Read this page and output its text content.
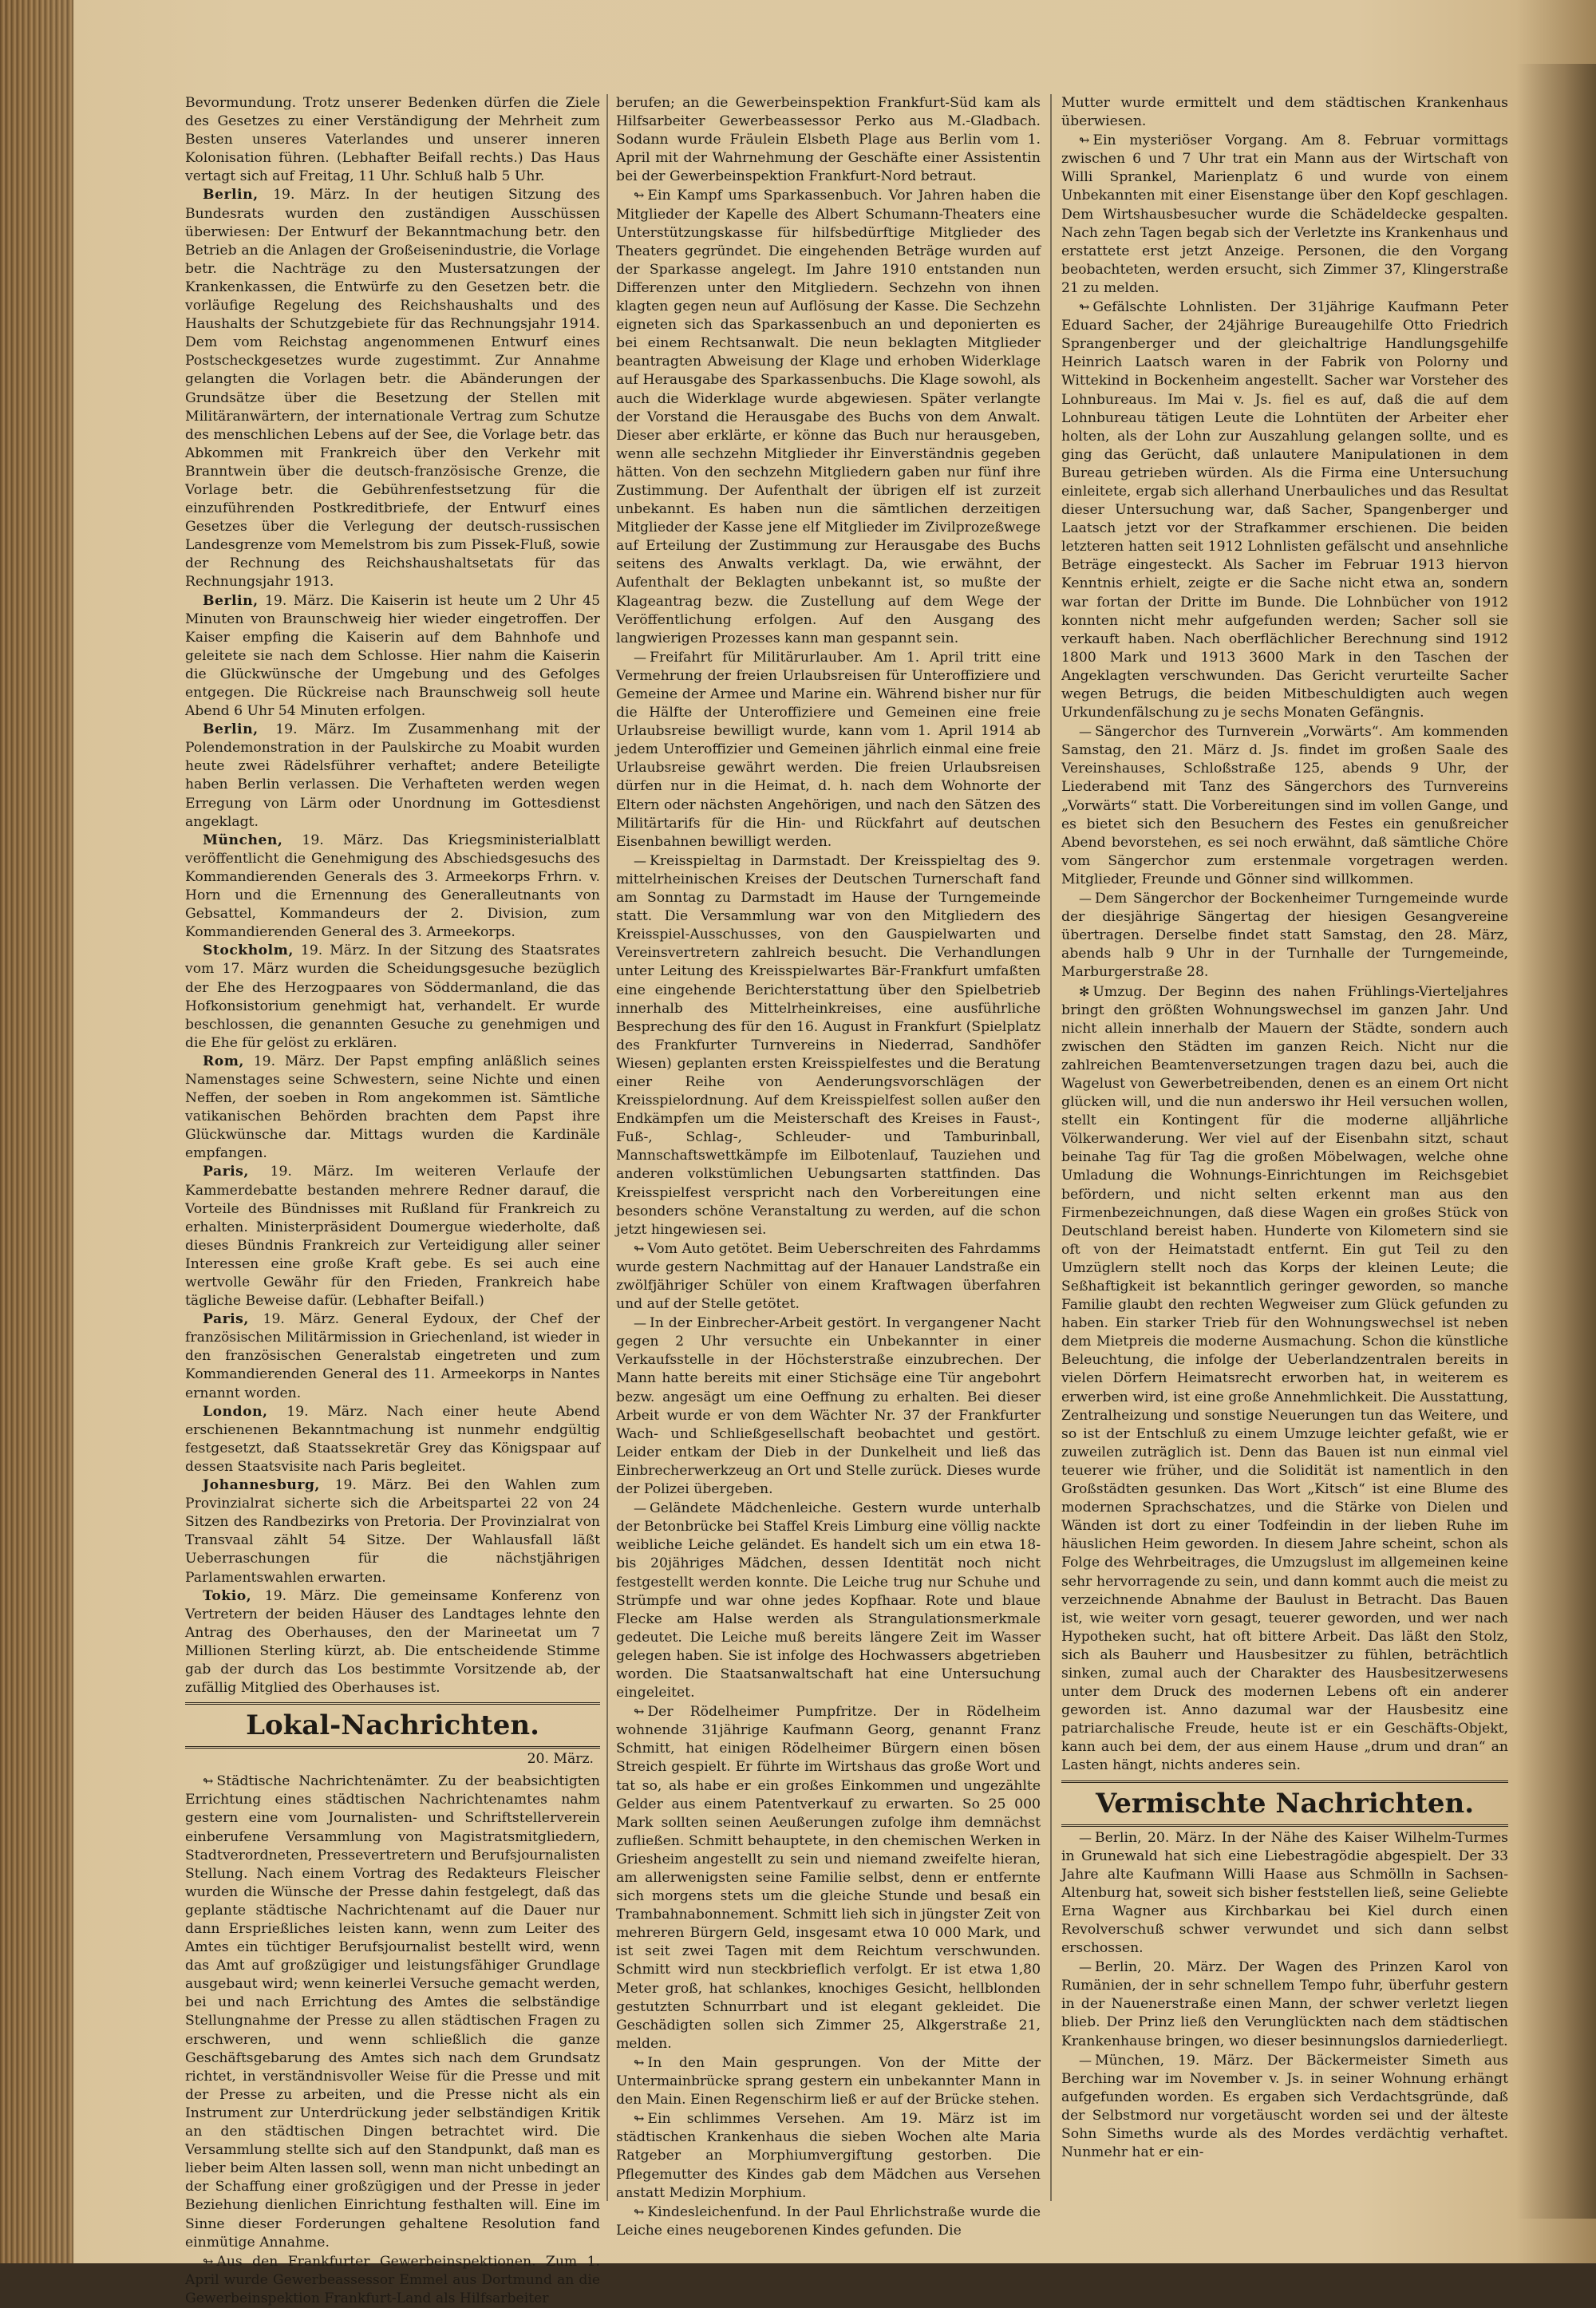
Bevormundung. Trotz unserer Bedenken dürfen die Ziele des Gesetzes zu einer Verständigung der Mehrheit zum Besten unseres Vaterlandes und unserer inneren Kolonisation führen. (Lebhafter Beifall rechts.) Das Haus vertagt sich auf Freitag, 11 Uhr. Schluß halb 5 Uhr.

Berlin, 19. März. In der heutigen Sitzung des Bundesrats wurden den zuständigen Ausschüssen überwiesen: Der Entwurf der Bekanntmachung betr. den Betrieb an die Anlagen der Großeisenindustrie, die Vorlage betr. die Nachträge zu den Mustersatzungen der Krankenkassen, die Entwürfe zu den Gesetzen betr. die vorläufige Regelung des Reichshaushalts und des Haushalts der Schutzgebiete für das Rechnungsjahr 1914. Dem vom Reichstag angenommenen Entwurf eines Postscheckgesetzes wurde zugestimmt. Zur Annahme gelangten die Vorlagen betr. die Abänderungen der Grundsätze über die Besetzung der Stellen mit Militäranwärtern, der internationale Vertrag zum Schutze des menschlichen Lebens auf der See, die Vorlage betr. das Abkommen mit Frankreich über den Verkehr mit Branntwein über die deutsch-französische Grenze, die Vorlage betr. die Gebührenfestsetzung für die einzuführenden Postkreditbriefe, der Entwurf eines Gesetzes über die Verlegung der deutsch-russischen Landesgrenze vom Memelstrom bis zum Pissek-Fluß, sowie der Rechnung des Reichshaushaltsetats für das Rechnungsjahr 1913.

Berlin, 19. März. Die Kaiserin ist heute um 2 Uhr 45 Minuten von Braunschweig hier wieder eingetroffen. Der Kaiser empfing die Kaiserin auf dem Bahnhofe und geleitete sie nach dem Schlosse. Hier nahm die Kaiserin die Glückwünsche der Umgebung und des Gefolges entgegen. Die Rückreise nach Braunschweig soll heute Abend 6 Uhr 54 Minuten erfolgen.

Berlin, 19. März. Im Zusammenhang mit der Polendemonstration in der Paulskirche zu Moabit wurden heute zwei Rädelsführer verhaftet; andere Beteiligte haben Berlin verlassen. Die Verhafteten werden wegen Erregung von Lärm oder Unordnung im Gottesdienst angeklagt.

München, 19. März. Das Kriegsministerialblatt veröffentlicht die Genehmigung des Abschiedsgesuchs des Kommandierenden Generals des 3. Armeekorps Frhrn. v. Horn und die Ernennung des Generalleutnants von Gebsattel, Kommandeurs der 2. Division, zum Kommandierenden General des 3. Armeekorps.

Stockholm, 19. März. In der Sitzung des Staatsrates vom 17. März wurden die Scheidungsgesuche bezüglich der Ehe des Herzogpaares von Söddermanland, die das Hofkonsistorium genehmigt hat, verhandelt. Er wurde beschlossen, die genannten Gesuche zu genehmigen und die Ehe für gelöst zu erklären.

Rom, 19. März. Der Papst empfing anläßlich seines Namenstages seine Schwestern, seine Nichte und einen Neffen, der soeben in Rom angekommen ist. Sämtliche vatikanischen Behörden brachten dem Papst ihre Glückwünsche dar. Mittags wurden die Kardinäle empfangen.

Paris, 19. März. Im weiteren Verlaufe der Kammerdebatte bestanden mehrere Redner darauf, die Vorteile des Bündnisses mit Rußland für Frankreich zu erhalten. Ministerpräsident Doumergue wiederholte, daß dieses Bündnis Frankreich zur Verteidigung aller seiner Interessen eine große Kraft gebe. Es sei auch eine wertvolle Gewähr für den Frieden, Frankreich habe tägliche Beweise dafür. (Lebhafter Beifall.)

Paris, 19. März. General Eydoux, der Chef der französischen Militärmission in Griechenland, ist wieder in den französischen Generalstab eingetreten und zum Kommandierenden General des 11. Armeekorps in Nantes ernannt worden.

London, 19. März. Nach einer heute Abend erschienenen Bekanntmachung ist nunmehr endgültig festgesetzt, daß Staatssekretär Grey das Königspaar auf dessen Staatsvisite nach Paris begleitet.

Johannesburg, 19. März. Bei den Wahlen zum Provinzialrat sicherte sich die Arbeitspartei 22 von 24 Sitzen des Randbezirks von Pretoria. Der Provinzialrat von Transvaal zählt 54 Sitze. Der Wahlausfall läßt Ueberraschungen für die nächstjährigen Parlamentswahlen erwarten.

Tokio, 19. März. Die gemeinsame Konferenz von Vertretern der beiden Häuser des Landtages lehnte den Antrag des Oberhauses, den der Marineetat um 7 Millionen Sterling kürzt, ab. Die entscheidende Stimme gab der durch das Los bestimmte Vorsitzende ab, der zufällig Mitglied des Oberhauses ist.

Lokal-Nachrichten.
20. März.

↬ Städtische Nachrichtenämter. Zu der beabsichtigten Errichtung eines städtischen Nachrichtenamtes nahm gestern eine vom Journalisten- und Schriftstellerverein einberufene Versammlung von Magistratsmitgliedern, Stadtverordneten, Pressevertretern und Berufsjournalisten Stellung. Nach einem Vortrag des Redakteurs Fleischer wurden die Wünsche der Presse dahin festgelegt, daß das geplante städtische Nachrichtenamt auf die Dauer nur dann Ersprießliches leisten kann, wenn zum Leiter des Amtes ein tüchtiger Berufsjournalist bestellt wird, wenn das Amt auf großzügiger und leistungsfähiger Grundlage ausgebaut wird; wenn keinerlei Versuche gemacht werden, bei und nach Errichtung des Amtes die selbständige Stellungnahme der Presse zu allen städtischen Fragen zu erschweren, und wenn schließlich die ganze Geschäftsgebarung des Amtes sich nach dem Grundsatz richtet, in verständnisvoller Weise für die Presse und mit der Presse zu arbeiten, und die Presse nicht als ein Instrument zur Unterdrückung jeder selbständigen Kritik an den städtischen Dingen betrachtet wird. Die Versammlung stellte sich auf den Standpunkt, daß man es lieber beim Alten lassen soll, wenn man nicht unbedingt an der Schaffung einer großzügigen und der Presse in jeder Beziehung dienlichen Einrichtung festhalten will. Eine im Sinne dieser Forderungen gehaltene Resolution fand einmütige Annahme.

↬ Aus den Frankfurter Gewerbeinspektionen. Zum 1. April wurde Gewerbeassessor Emmel aus Dortmund an die Gewerbeinspektion Frankfurt-Land als Hilfsarbeiter

berufen; an die Gewerbeinspektion Frankfurt-Süd kam als Hilfsarbeiter Gewerbeassessor Perko aus M.-Gladbach. Sodann wurde Fräulein Elsbeth Plage aus Berlin vom 1. April mit der Wahrnehmung der Geschäfte einer Assistentin bei der Gewerbeinspektion Frankfurt-Nord betraut.

↬ Ein Kampf ums Sparkassenbuch. Vor Jahren haben die Mitglieder der Kapelle des Albert Schumann-Theaters eine Unterstützungskasse für hilfsbedürftige Mitglieder des Theaters gegründet. Die eingehenden Beträge wurden auf der Sparkasse angelegt. Im Jahre 1910 entstanden nun Differenzen unter den Mitgliedern. Sechzehn von ihnen klagten gegen neun auf Auflösung der Kasse. Die Sechzehn eigneten sich das Sparkassenbuch an und deponierten es bei einem Rechtsanwalt. Die neun beklagten Mitglieder beantragten Abweisung der Klage und erhoben Widerklage auf Herausgabe des Sparkassenbuchs. Die Klage sowohl, als auch die Widerklage wurde abgewiesen. Später verlangte der Vorstand die Herausgabe des Buchs von dem Anwalt. Dieser aber erklärte, er könne das Buch nur herausgeben, wenn alle sechzehn Mitglieder ihr Einverständnis gegeben hätten. Von den sechzehn Mitgliedern gaben nur fünf ihre Zustimmung. Der Aufenthalt der übrigen elf ist zurzeit unbekannt. Es haben nun die sämtlichen derzeitigen Mitglieder der Kasse jene elf Mitglieder im Zivilprozeßwege auf Erteilung der Zustimmung zur Herausgabe des Buchs seitens des Anwalts verklagt. Da, wie erwähnt, der Aufenthalt der Beklagten unbekannt ist, so mußte der Klageantrag bezw. die Zustellung auf dem Wege der Veröffentlichung erfolgen. Auf den Ausgang des langwierigen Prozesses kann man gespannt sein.

— Freifahrt für Militärurlauber. Am 1. April tritt eine Vermehrung der freien Urlaubsreisen für Unteroffiziere und Gemeine der Armee und Marine ein. Während bisher nur für die Hälfte der Unteroffiziere und Gemeinen eine freie Urlaubsreise bewilligt wurde, kann vom 1. April 1914 ab jedem Unteroffizier und Gemeinen jährlich einmal eine freie Urlaubsreise gewährt werden. Die freien Urlaubsreisen dürfen nur in die Heimat, d. h. nach dem Wohnorte der Eltern oder nächsten Angehörigen, und nach den Sätzen des Militärtarifs für die Hin- und Rückfahrt auf deutschen Eisenbahnen bewilligt werden.

— Kreisspieltag in Darmstadt. Der Kreisspieltag des 9. mittelrheinischen Kreises der Deutschen Turnerschaft fand am Sonntag zu Darmstadt im Hause der Turngemeinde statt. Die Versammlung war von den Mitgliedern des Kreisspiel-Ausschusses, von den Gauspielwarten und Vereinsvertretern zahlreich besucht. Die Verhandlungen unter Leitung des Kreisspielwartes Bär-Frankfurt umfaßten eine eingehende Berichterstattung über den Spielbetrieb innerhalb des Mittelrheinkreises, eine ausführliche Besprechung des für den 16. August in Frankfurt (Spielplatz des Frankfurter Turnvereins in Niederrad, Sandhöfer Wiesen) geplanten ersten Kreisspielfestes und die Beratung einer Reihe von Aenderungsvorschlägen der Kreisspielordnung. Auf dem Kreisspielfest sollen außer den Endkämpfen um die Meisterschaft des Kreises in Faust-, Fuß-, Schlag-, Schleuder- und Tamburinball, Mannschaftswettkämpfe im Eilbotenlauf, Tauziehen und anderen volkstümlichen Uebungsarten stattfinden. Das Kreisspielfest verspricht nach den Vorbereitungen eine besonders schöne Veranstaltung zu werden, auf die schon jetzt hingewiesen sei.

↬ Vom Auto getötet. Beim Ueberschreiten des Fahrdamms wurde gestern Nachmittag auf der Hanauer Landstraße ein zwölfjähriger Schüler von einem Kraftwagen überfahren und auf der Stelle getötet.

— In der Einbrecher-Arbeit gestört. In vergangener Nacht gegen 2 Uhr versuchte ein Unbekannter in einer Verkaufsstelle in der Höchsterstraße einzubrechen. Der Mann hatte bereits mit einer Stichsäge eine Tür angebohrt bezw. angesägt um eine Oeffnung zu erhalten. Bei dieser Arbeit wurde er von dem Wächter Nr. 37 der Frankfurter Wach- und Schließgesellschaft beobachtet und gestört. Leider entkam der Dieb in der Dunkelheit und ließ das Einbrecherwerkzeug an Ort und Stelle zurück. Dieses wurde der Polizei übergeben.

— Geländete Mädchenleiche. Gestern wurde unterhalb der Betonbrücke bei Staffel Kreis Limburg eine völlig nackte weibliche Leiche geländet. Es handelt sich um ein etwa 18- bis 20jähriges Mädchen, dessen Identität noch nicht festgestellt werden konnte. Die Leiche trug nur Schuhe und Strümpfe und war ohne jedes Kopfhaar. Rote und blaue Flecke am Halse werden als Strangulationsmerkmale gedeutet. Die Leiche muß bereits längere Zeit im Wasser gelegen haben. Sie ist infolge des Hochwassers abgetrieben worden. Die Staatsanwaltschaft hat eine Untersuchung eingeleitet.

↬ Der Rödelheimer Pumpfritze. Der in Rödelheim wohnende 31jährige Kaufmann Georg, genannt Franz Schmitt, hat einigen Rödelheimer Bürgern einen bösen Streich gespielt. Er führte im Wirtshaus das große Wort und tat so, als habe er ein großes Einkommen und ungezählte Gelder aus einem Patentverkauf zu erwarten. So 25 000 Mark sollten seinen Aeußerungen zufolge ihm demnächst zufließen. Schmitt behauptete, in den chemischen Werken in Griesheim angestellt zu sein und niemand zweifelte hieran, am allerwenigsten seine Familie selbst, denn er entfernte sich morgens stets um die gleiche Stunde und besaß ein Trambahnabonnement. Schmitt lieh sich in jüngster Zeit von mehreren Bürgern Geld, insgesamt etwa 10 000 Mark, und ist seit zwei Tagen mit dem Reichtum verschwunden. Schmitt wird nun steckbrieflich verfolgt. Er ist etwa 1,80 Meter groß, hat schlankes, knochiges Gesicht, hellblonden gestutzten Schnurrbart und ist elegant gekleidet. Die Geschädigten sollen sich Zimmer 25, Alkgerstraße 21, melden.

↬ In den Main gesprungen. Von der Mitte der Untermainbrücke sprang gestern ein unbekannter Mann in den Main. Einen Regenschirm ließ er auf der Brücke stehen.

↬ Ein schlimmes Versehen. Am 19. März ist im städtischen Krankenhaus die sieben Wochen alte Maria Ratgeber an Morphiumvergiftung gestorben. Die Pflegemutter des Kindes gab dem Mädchen aus Versehen anstatt Medizin Morphium.

↬ Kindesleichenfund. In der Paul Ehrlichstraße wurde die Leiche eines neugeborenen Kindes gefunden. Die

Mutter wurde ermittelt und dem städtischen Krankenhaus überwiesen.

↬ Ein mysteriöser Vorgang. Am 8. Februar vormittags zwischen 6 und 7 Uhr trat ein Mann aus der Wirtschaft von Willi Sprankel, Marienplatz 6 und wurde von einem Unbekannten mit einer Eisenstange über den Kopf geschlagen. Dem Wirtshausbesucher wurde die Schädeldecke gespalten. Nach zehn Tagen begab sich der Verletzte ins Krankenhaus und erstattete erst jetzt Anzeige. Personen, die den Vorgang beobachteten, werden ersucht, sich Zimmer 37, Klingerstraße 21 zu melden.

↬ Gefälschte Lohnlisten. Der 31jährige Kaufmann Peter Eduard Sacher, der 24jährige Bureaugehilfe Otto Friedrich Sprangenberger und der gleichaltrige Handlungsgehilfe Heinrich Laatsch waren in der Fabrik von Polorny und Wittekind in Bockenheim angestellt. Sacher war Vorsteher des Lohnbureaus. Im Mai v. Js. fiel es auf, daß die auf dem Lohnbureau tätigen Leute die Lohntüten der Arbeiter eher holten, als der Lohn zur Auszahlung gelangen sollte, und es ging das Gerücht, daß unlautere Manipulationen in dem Bureau getrieben würden. Als die Firma eine Untersuchung einleitete, ergab sich allerhand Unerbauliches und das Resultat dieser Untersuchung war, daß Sacher, Spangenberger und Laatsch jetzt vor der Strafkammer erschienen. Die beiden letzteren hatten seit 1912 Lohnlisten gefälscht und ansehnliche Beträge eingesteckt. Als Sacher im Februar 1913 hiervon Kenntnis erhielt, zeigte er die Sache nicht etwa an, sondern war fortan der Dritte im Bunde. Die Lohnbücher von 1912 konnten nicht mehr aufgefunden werden; Sacher soll sie verkauft haben. Nach oberflächlicher Berechnung sind 1912 1800 Mark und 1913 3600 Mark in den Taschen der Angeklagten verschwunden. Das Gericht verurteilte Sacher wegen Betrugs, die beiden Mitbeschuldigten auch wegen Urkundenfälschung zu je sechs Monaten Gefängnis.

— Sängerchor des Turnverein „Vorwärts“. Am kommenden Samstag, den 21. März d. Js. findet im großen Saale des Vereinshauses, Schloßstraße 125, abends 9 Uhr, der Liederabend mit Tanz des Sängerchors des Turnvereins „Vorwärts“ statt. Die Vorbereitungen sind im vollen Gange, und es bietet sich den Besuchern des Festes ein genußreicher Abend bevorstehen, es sei noch erwähnt, daß sämtliche Chöre vom Sängerchor zum erstenmale vorgetragen werden. Mitglieder, Freunde und Gönner sind willkommen.

— Dem Sängerchor der Bockenheimer Turngemeinde wurde der diesjährige Sängertag der hiesigen Gesangvereine übertragen. Derselbe findet statt Samstag, den 28. März, abends halb 9 Uhr in der Turnhalle der Turngemeinde, Marburgerstraße 28.

✻ Umzug. Der Beginn des nahen Frühlings-Vierteljahres bringt den größten Wohnungswechsel im ganzen Jahr. Und nicht allein innerhalb der Mauern der Städte, sondern auch zwischen den Städten im ganzen Reich. Nicht nur die zahlreichen Beamtenversetzungen tragen dazu bei, auch die Wagelust von Gewerbetreibenden, denen es an einem Ort nicht glücken will, und die nun anderswo ihr Heil versuchen wollen, stellt ein Kontingent für die moderne alljährliche Völkerwanderung. Wer viel auf der Eisenbahn sitzt, schaut beinahe Tag für Tag die großen Möbelwagen, welche ohne Umladung die Wohnungs-Einrichtungen im Reichsgebiet befördern, und nicht selten erkennt man aus den Firmenbezeichnungen, daß diese Wagen ein großes Stück von Deutschland bereist haben. Hunderte von Kilometern sind sie oft von der Heimatstadt entfernt. Ein gut Teil zu den Umzüglern stellt noch das Korps der kleinen Leute; die Seßhaftigkeit ist bekanntlich geringer geworden, so manche Familie glaubt den rechten Wegweiser zum Glück gefunden zu haben. Ein starker Trieb für den Wohnungswechsel ist neben dem Mietpreis die moderne Ausmachung. Schon die künstliche Beleuchtung, die infolge der Ueberlandzentralen bereits in vielen Dörfern Heimatsrecht erworben hat, in weiterem es erwerben wird, ist eine große Annehmlichkeit. Die Ausstattung, Zentralheizung und sonstige Neuerungen tun das Weitere, und so ist der Entschluß zu einem Umzuge leichter gefaßt, wie er zuweilen zuträglich ist. Denn das Bauen ist nun einmal viel teuerer wie früher, und die Solidität ist namentlich in den Großstädten gesunken. Das Wort „Kitsch“ ist eine Blume des modernen Sprachschatzes, und die Stärke von Dielen und Wänden ist dort zu einer Todfeindin in der lieben Ruhe im häuslichen Heim geworden. In diesem Jahre scheint, schon als Folge des Wehrbeitrages, die Umzugslust im allgemeinen keine sehr hervorragende zu sein, und dann kommt auch die meist zu verzeichnende Abnahme der Baulust in Betracht. Das Bauen ist, wie weiter vorn gesagt, teuerer geworden, und wer nach Hypotheken sucht, hat oft bittere Arbeit. Das läßt den Stolz, sich als Bauherr und Hausbesitzer zu fühlen, beträchtlich sinken, zumal auch der Charakter des Hausbesitzerwesens unter dem Druck des modernen Lebens oft ein anderer geworden ist. Anno dazumal war der Hausbesitz eine patriarchalische Freude, heute ist er ein Geschäfts-Objekt, kann auch bei dem, der aus einem Hause „drum und dran“ an Lasten hängt, nichts anderes sein.

Vermischte Nachrichten.

— Berlin, 20. März. In der Nähe des Kaiser Wilhelm-Turmes in Grunewald hat sich eine Liebestragödie abgespielt. Der 33 Jahre alte Kaufmann Willi Haase aus Schmölln in Sachsen-Altenburg hat, soweit sich bisher feststellen ließ, seine Geliebte Erna Wagner aus Kirchbarkau bei Kiel durch einen Revolverschuß schwer verwundet und sich dann selbst erschossen.

— Berlin, 20. März. Der Wagen des Prinzen Karol von Rumänien, der in sehr schnellem Tempo fuhr, überfuhr gestern in der Nauenerstraße einen Mann, der schwer verletzt liegen blieb. Der Prinz ließ den Verunglückten nach dem städtischen Krankenhause bringen, wo dieser besinnungslos darniederliegt.

— München, 19. März. Der Bäckermeister Simeth aus Berching war im November v. Js. in seiner Wohnung erhängt aufgefunden worden. Es ergaben sich Verdachtsgründe, daß der Selbstmord nur vorgetäuscht worden sei und der älteste Sohn Simeths wurde als des Mordes verdächtig verhaftet. Nunmehr hat er ein-
